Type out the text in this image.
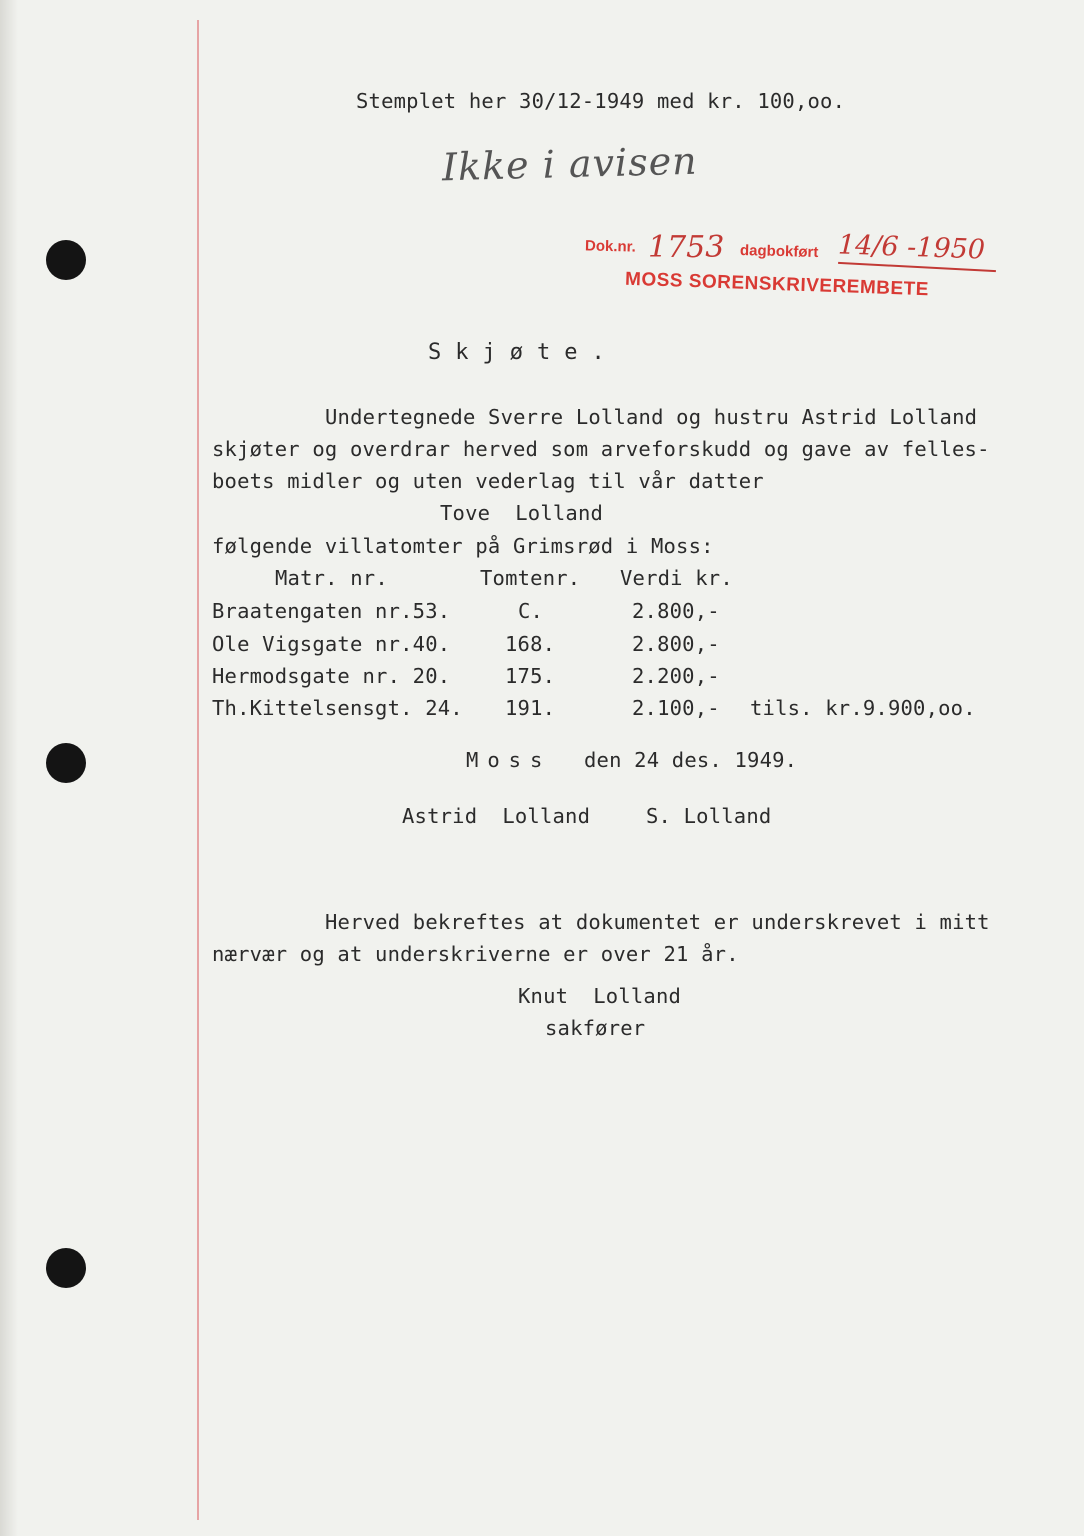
Stemplet her 30/12-1949 med kr. 100,oo.
Ikke i avisen
Dok.nr. 1753 dagbokført 14/6 -1950
MOSS SORENSKRIVEREMBETE
Skjøte.
Undertegnede Sverre Lolland og hustru Astrid Lolland
skjøter og overdrar herved som arveforskudd og gave av felles-
boets midler og uten vederlag til vår datter
Tove  Lolland
følgende villatomter på Grimsrød i Moss:
Matr. nr.	Tomtenr. Verdi kr.
Braatengaten nr.53.	C.	2.800,-
Ole Vigsgate nr.40.	168.	2.800,-
Hermodsgate nr. 20.	175.	2.200,-
Th.Kittelsensgt. 24. 191.	2.100,- tils. kr.9.900,oo.
Moss den 24 des. 1949.
Astrid  Lolland	S. Lolland
Herved bekreftes at dokumentet er underskrevet i mitt
nærvær og at underskriverne er over 21 år.
Knut  Lolland
sakfører
